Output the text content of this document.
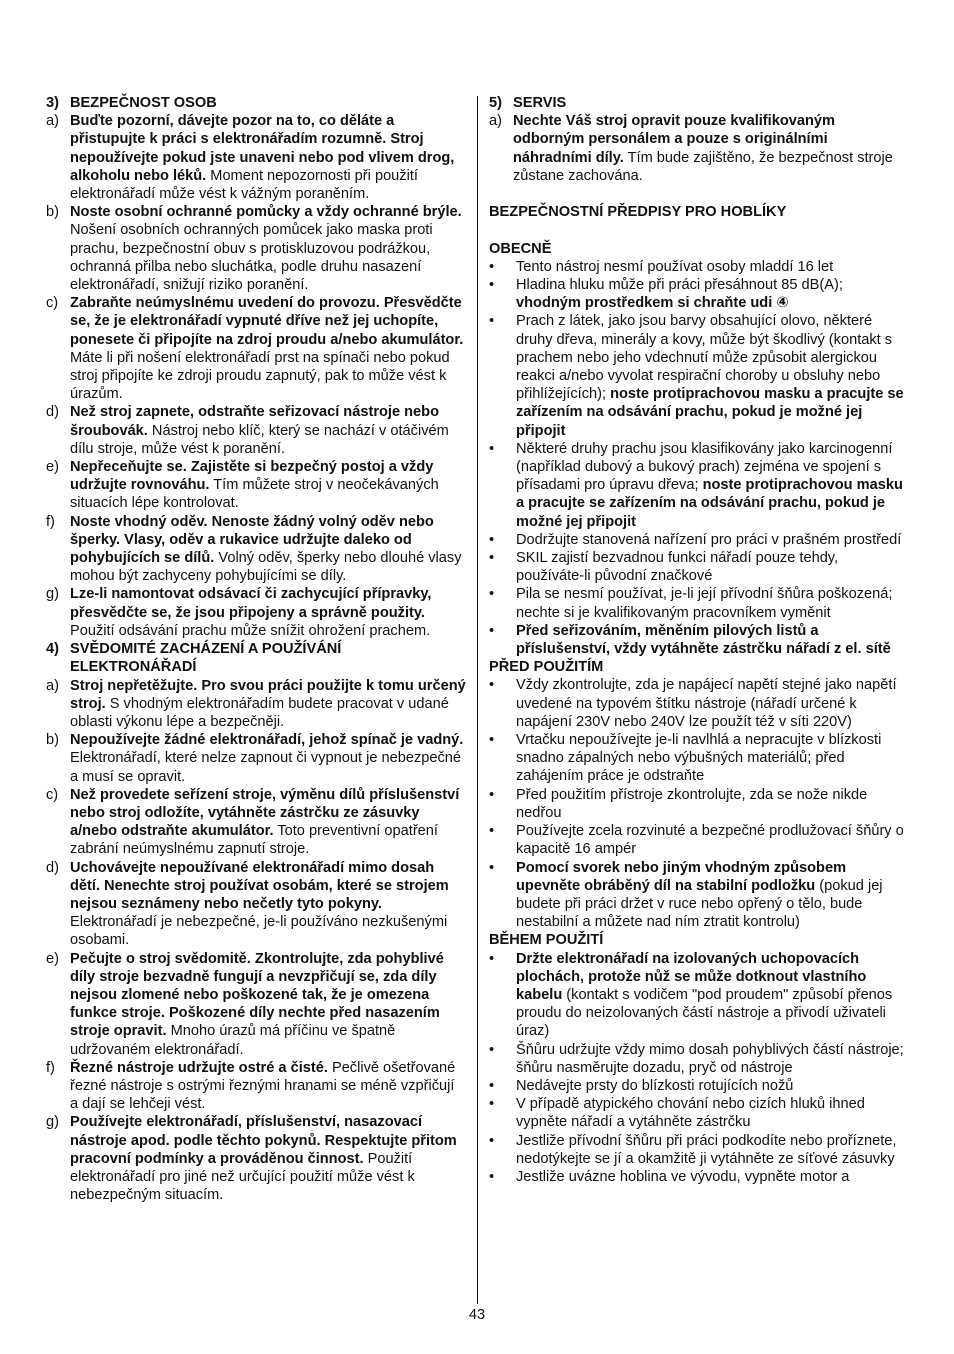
3) BEZPEČNOST OSOB
a) Buďte pozorní, dávejte pozor na to, co děláte a přistupujte k práci s elektronářadím rozumně. Stroj nepoužívejte pokud jste unaveni nebo pod vlivem drog, alkoholu nebo léků. Moment nepozornosti při použití elektronářadí může vést k vážným poraněním.
b) Noste osobní ochranné pomůcky a vždy ochranné brýle. Nošení osobních ochranných pomůcek jako maska proti prachu, bezpečnostní obuv s protiskluzovou podrážkou, ochranná přilba nebo sluchátka, podle druhu nasazení elektronářadí, snižují riziko poranění.
c) Zabraňte neúmyslnému uvedení do provozu. Přesvědčte se, že je elektronářadí vypnuté dříve než jej uchopíte, ponesete či připojíte na zdroj proudu a/nebo akumulátor. Máte li při nošení elektronářadí prst na spínači nebo pokud stroj připojíte ke zdroji proudu zapnutý, pak to může vést k úrazům.
d) Než stroj zapnete, odstraňte seřizovací nástroje nebo šroubovák. Nástroj nebo klíč, který se nachází v otáčivém dílu stroje, může vést k poranění.
e) Nepřeceňujte se. Zajistěte si bezpečný postoj a vždy udržujte rovnováhu. Tím můžete stroj v neočekávaných situacích lépe kontrolovat.
f)	Noste vhodný oděv. Nenoste žádný volný oděv nebo šperky. Vlasy, oděv a rukavice udržujte daleko od pohybujících se dílů. Volný oděv, šperky nebo dlouhé vlasy mohou být zachyceny pohybujícími se díly.
g) Lze-li namontovat odsávací či zachycující přípravky, přesvědčte se, že jsou připojeny a správně použity. Použití odsávání prachu může snížit ohrožení prachem.
4) SVĚDOMITÉ ZACHÁZENÍ A POUŽÍVÁNÍ ELEKTRONÁŘADÍ
a) Stroj nepřetěžujte. Pro svou práci použijte k tomu určený stroj. S vhodným elektronářadím budete pracovat v udané oblasti výkonu lépe a bezpečněji.
b) Nepoužívejte žádné elektronářadí, jehož spínač je vadný. Elektronářadí, které nelze zapnout či vypnout je nebezpečné a musí se opravit.
c) Než provedete seřízení stroje, výměnu dílů příslušenství nebo stroj odložíte, vytáhněte zástrčku ze zásuvky a/nebo odstraňte akumulátor. Toto preventivní opatření zabrání neúmyslnému zapnutí stroje.
d) Uchovávejte nepoužívané elektronářadí mimo dosah dětí. Nenechte stroj používat osobám, které se strojem nejsou seznámeny nebo nečetly tyto pokyny. Elektronářadí je nebezpečné, je-li používáno nezkušenými osobami.
e) Pečujte o stroj svědomitě. Zkontrolujte, zda pohyblivé díly stroje bezvadně fungují a nevzpřičují se, zda díly nejsou zlomené nebo poškozené tak, že je omezena funkce stroje. Poškozené díly nechte před nasazením stroje opravit. Mnoho úrazů má příčinu ve špatně udržovaném elektronářadí.
f)	Řezné nástroje udržujte ostré a čisté. Pečlivě ošetřované řezné nástroje s ostrými řeznými hranami se méně vzpřičují a dají se lehčeji vést.
g) Používejte elektronářadí, příslušenství, nasazovací nástroje apod. podle těchto pokynů. Respektujte přitom pracovní podmínky a prováděnou činnost. Použití elektronářadí pro jiné než určující použití může vést k nebezpečným situacím.
5) SERVIS
a) Nechte Váš stroj opravit pouze kvalifikovaným odborným personálem a pouze s originálními náhradními díly. Tím bude zajištěno, že bezpečnost stroje zůstane zachována.
BEZPEČNOSTNÍ PŘEDPISY PRO HOBLÍKY
OBECNĚ
•	Tento nástroj nesmí používat osoby mladdí 16 let
•	Hladina hluku může při práci přesáhnout 85 dB(A); vhodným prostředkem si chraňte udi ④
•	Prach z látek, jako jsou barvy obsahující olovo, některé druhy dřeva, minerály a kovy, může být škodlivý (kontakt s prachem nebo jeho vdechnutí může způsobit alergickou reakci a/nebo vyvolat respirační choroby u obsluhy nebo přihlížejících); noste protiprachovou masku a pracujte se zařízením na odsávání prachu, pokud je možné jej připojit
•	Některé druhy prachu jsou klasifikovány jako karcinogenní (například dubový a bukový prach) zejména ve spojení s přísadami pro úpravu dřeva; noste protiprachovou masku a pracujte se zařízením na odsávání prachu, pokud je možné jej připojit
•	Dodržujte stanovená nařízení pro práci v prašném prostředí
•	SKIL zajistí bezvadnou funkci nářadí pouze tehdy, používáte-li původní značkové
•	Pila se nesmí používat, je-li její přívodní šňůra poškozená; nechte si je kvalifikovaným pracovníkem vyměnit
•	Před seřizováním, měněním pilových listů a příslušenství, vždy vytáhněte zástrčku nářadí z el. sítě
PŘED POUŽITÍM
•	Vždy zkontrolujte, zda je napájecí napětí stejné jako napětí uvedené na typovém štítku nástroje (nářadí určené k napájení 230V nebo 240V lze použít též v síti 220V)
•	Vrtačku nepoužívejte je-li navlhlá a nepracujte v blízkosti snadno zápalných nebo výbušných materiálů; před zahájením práce je odstraňte
•	Před použitím přístroje zkontrolujte, zda se nože nikde nedřou
•	Používejte zcela rozvinuté a bezpečné prodlužovací šňůry o kapacitě 16 ampér
•	Pomocí svorek nebo jiným vhodným způsobem upevněte obráběný díl na stabilní podložku (pokud jej budete při práci držet v ruce nebo opřený o tělo, bude nestabilní a můžete nad ním ztratit kontrolu)
BĚHEM POUŽITÍ
•	Držte elektronářadí na izolovaných uchopovacích plochách, protože nůž se může dotknout vlastního kabelu (kontakt s vodičem "pod proudem" způsobí přenos proudu do neizolovaných částí nástroje a přivodí uživateli úraz)
•	Šňůru udržujte vždy mimo dosah pohyblivých částí nástroje; šňůru nasměrujte dozadu, pryč od nástroje
•	Nedávejte prsty do blízkosti rotujících nožů
•	V případě atypického chování nebo cizích hluků ihned vypněte nářadí a vytáhněte zástrčku
•	Jestliže přívodní šňůru při práci podkodíte nebo proříznete, nedotýkejte se jí a okamžitě ji vytáhněte ze síťové zásuvky
•	Jestliže uvázne hoblina ve vývodu, vypněte motor a
43
